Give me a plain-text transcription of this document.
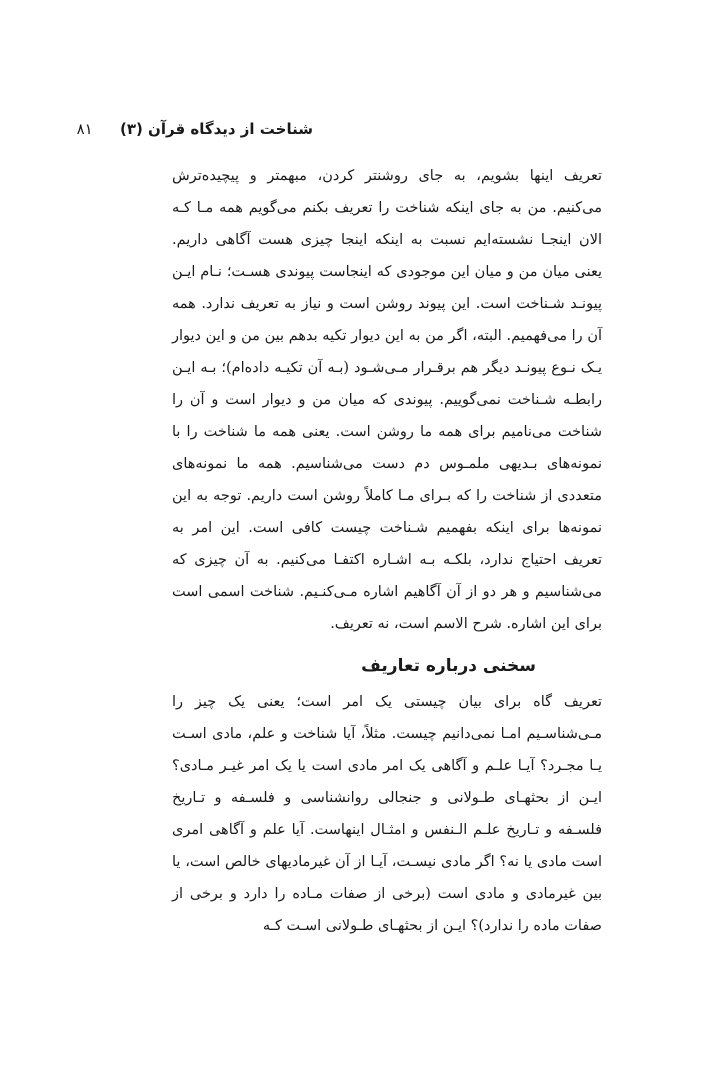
شناخت از دیدگاه قرآن (۳) ۸۱

تعریف اینها بشویم، به جای روشنتر کردن، مبهمتر و پیچیده‌ترش می‌کنیم. من به جای اینکه شناخت را تعریف بکنم می‌گویم همه مـا کـه الان اینجـا نشسته‌ایم نسبت به اینکه اینجا چیزی هست آگاهی داریم. یعنی میان من و میان این موجودی که اینجاست پیوندی هسـت؛ نـام ایـن پیونـد شـناخت است. این پیوند روشن است و نیاز به تعریف ندارد. همه آن را می‌فهمیم. البته، اگر من به این دیوار تکیه بدهم بین من و این دیوار یـک نـوع پیونـد دیگر هم برقـرار مـی‌شـود (بـه آن تکیـه داده‌ام)؛ بـه ایـن رابطـه شـناخت نمی‌گوییم. پیوندی که میان من و دیوار است و آن را شناخت می‌نامیم برای همه ما روشن است. یعنی همه ما شناخت را با نمونه‌های بـدیهی ملمـوس دم دست می‌شناسیم. همه ما نمونه‌های متعددی از شناخت را که بـرای مـا کاملاً روشن است داریم. توجه به این نمونه‌ها برای اینکه بفهمیم شـناخت چیست کافی است. این امر به تعریف احتیاج ندارد، بلکـه بـه اشـاره اکتفـا می‌کنیم. به آن چیزی که می‌شناسیم و هر دو از آن آگاهیم اشاره مـی‌کنـیم. شناخت اسمی است برای این اشاره. شرح الاسم است، نه تعریف.

سخنی درباره تعاریف

تعریف گاه برای بیان چیستی یک امر است؛ یعنی یک چیز را مـی‌شناسـیم امـا نمی‌دانیم چیست. مثلاً، آیا شناخت و علم، مادی اسـت یـا مجـرد؟ آیـا علـم و آگاهی یک امر مادی است یا یک امر غیـر مـادی؟ ایـن از بحثهـای طـولانی و جنجالی روانشناسی و فلسـفه و تـاریخ فلسـفه و تـاریخ علـم الـنفس و امثـال اینهاست. آیا علم و آگاهی امری است مادی یا نه؟ اگر مادی نیسـت، آیـا از آن غیرمادیهای خالص است، یا بین غیرمادی و مادی است (برخی از صفات مـاده را دارد و برخی از صفات ماده را ندارد)؟ ایـن از بحثهـای طـولانی اسـت کـه
